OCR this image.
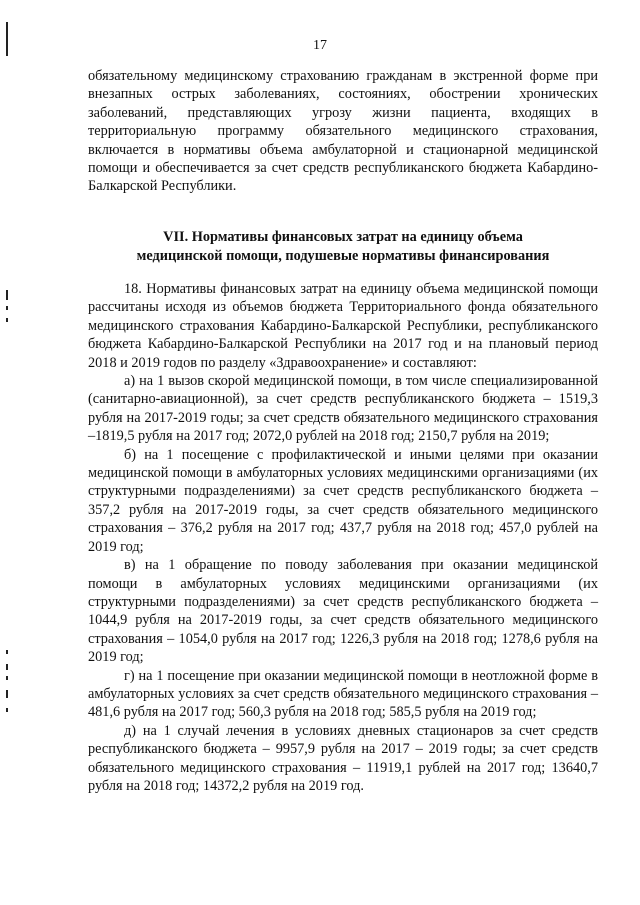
17

обязательному медицинскому страхованию гражданам в экстренной форме при внезапных острых заболеваниях, состояниях, обострении хронических заболеваний, представляющих угрозу жизни пациента, входящих в территориальную программу обязательного медицинского страхования, включается в нормативы объема амбулаторной и стационарной медицинской помощи и обеспечивается за счет средств республиканского бюджета Кабардино-Балкарской Республики.

VII. Нормативы финансовых затрат на единицу объема
медицинской помощи, подушевые нормативы финансирования

18. Нормативы финансовых затрат на единицу объема медицинской помощи рассчитаны исходя из объемов бюджета Территориального фонда обязательного медицинского страхования Кабардино-Балкарской Республики, республиканского бюджета Кабардино-Балкарской Республики на 2017 год и на плановый период 2018 и 2019 годов по разделу «Здравоохранение» и составляют:

а) на 1 вызов скорой медицинской помощи, в том числе специализированной (санитарно-авиационной), за счет средств республиканского бюджета – 1519,3 рубля на 2017-2019 годы; за счет средств обязательного медицинского страхования –1819,5 рубля на 2017 год; 2072,0 рублей на 2018 год; 2150,7 рубля на 2019;

б) на 1 посещение с профилактической и иными целями при оказании медицинской помощи в амбулаторных условиях медицинскими организациями (их структурными подразделениями) за счет средств республиканского бюджета – 357,2 рубля на 2017-2019 годы, за счет средств обязательного медицинского страхования – 376,2 рубля на 2017 год; 437,7 рубля на 2018 год; 457,0 рублей на 2019 год;

в) на 1 обращение по поводу заболевания при оказании медицинской помощи в амбулаторных условиях медицинскими организациями (их структурными подразделениями) за счет средств республиканского бюджета – 1044,9 рубля на 2017-2019 годы, за счет средств обязательного медицинского страхования – 1054,0 рубля на 2017 год; 1226,3 рубля на 2018 год; 1278,6 рубля на 2019 год;

г) на 1 посещение при оказании медицинской помощи в неотложной форме в амбулаторных условиях за счет средств обязательного медицинского страхования – 481,6 рубля на 2017 год; 560,3 рубля на 2018 год; 585,5 рубля на 2019 год;

д) на 1 случай лечения в условиях дневных стационаров за счет средств республиканского бюджета – 9957,9 рубля на 2017 – 2019 годы; за счет средств обязательного медицинского страхования – 11919,1 рублей на 2017 год; 13640,7 рубля на 2018 год; 14372,2 рубля на 2019 год.
